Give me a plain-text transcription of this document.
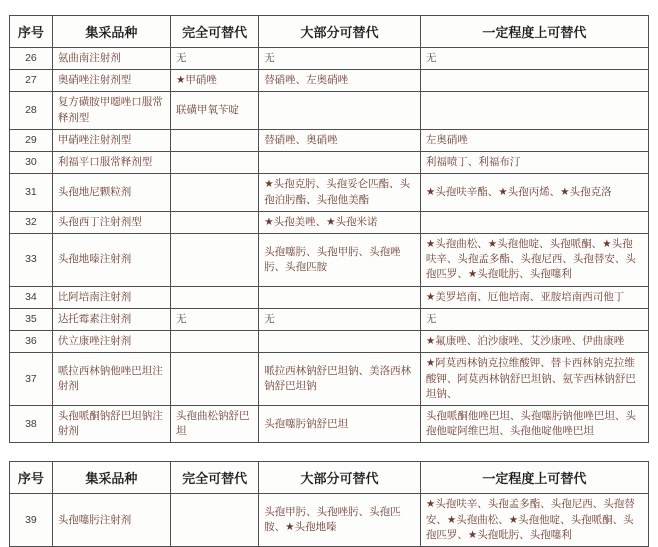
序号	集采品种	完全可替代	大部分可替代	一定程度上可替代
26	氨曲南注射剂	无	无	无
27	奥硝唑注射剂型	★甲硝唑	替硝唑、左奥硝唑	
28	复方磺胺甲噁唑口服常释剂型	联磺甲氧苄啶		
29	甲硝唑注射剂型		替硝唑、奥硝唑	左奥硝唑
30	利福平口服常释剂型			利福喷丁、利福布汀
31	头孢地尼颗粒剂		★头孢克肟、头孢妥仑匹酯、头孢泊肟酯、头孢他美酯	★头孢呋辛酯、★头孢丙烯、★头孢克洛
32	头孢西丁注射剂型		★头孢美唑、★头孢米诺	
33	头孢地嗪注射剂		头孢噻肟、头孢甲肟、头孢唑肟、头孢匹胺	★头孢曲松、★头孢他啶、头孢哌酮、★头孢呋辛、头孢孟多酯、头孢尼西、头孢替安、头孢匹罗、★头孢吡肟、头孢噻利
34	比阿培南注射剂			★美罗培南、厄他培南、亚胺培南西司他丁
35	达托霉素注射剂	无	无	无
36	伏立康唑注射剂			★氟康唑、泊沙康唑、艾沙康唑、伊曲康唑
37	哌拉西林钠他唑巴坦注射剂		哌拉西林钠舒巴坦钠、美洛西林钠舒巴坦钠	★阿莫西林钠克拉维酸钾、替卡西林钠克拉维酸钾、阿莫西林钠舒巴坦钠、氨苄西林钠舒巴坦钠、
38	头孢哌酮钠舒巴坦钠注射剂	头孢曲松钠舒巴坦	头孢噻肟钠舒巴坦	头孢哌酮他唑巴坦、头孢噻肟钠他唑巴坦、头孢他啶阿维巴坦、头孢他啶他唑巴坦
序号	集采品种	完全可替代	大部分可替代	一定程度上可替代
39	头孢噻肟注射剂		头孢甲肟、头孢唑肟、头孢匹胺、★头孢地嗪	★头孢呋辛、头孢孟多酯、头孢尼西、头孢替安、★头孢曲松、★头孢他啶、头孢哌酮、头孢匹罗、★头孢吡肟、头孢噻利
